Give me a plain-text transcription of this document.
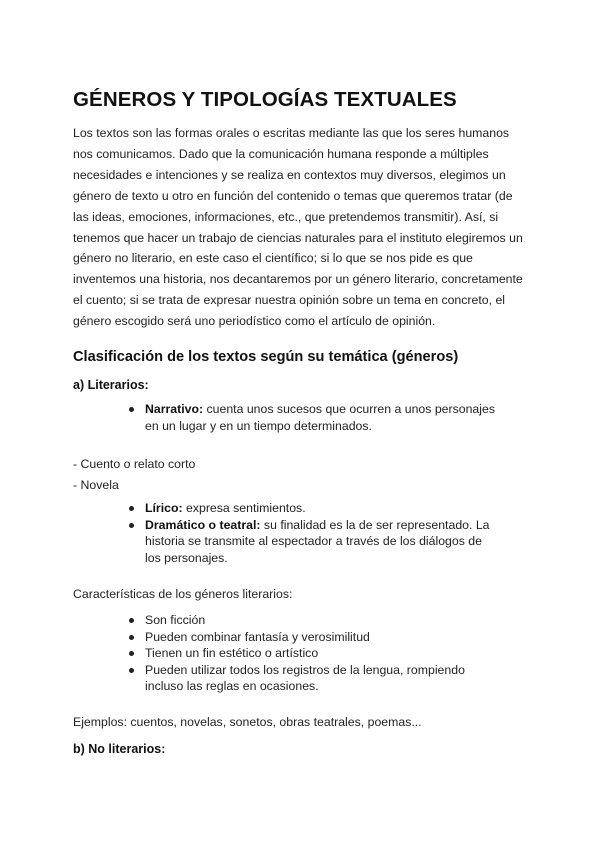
GÉNEROS Y TIPOLOGÍAS TEXTUALES

Los textos son las formas orales o escritas mediante las que los seres humanos nos comunicamos. Dado que la comunicación humana responde a múltiples necesidades e intenciones y se realiza en contextos muy diversos, elegimos un género de texto u otro en función del contenido o temas que queremos tratar (de las ideas, emociones, informaciones, etc., que pretendemos transmitir). Así, si tenemos que hacer un trabajo de ciencias naturales para el instituto elegiremos un género no literario, en este caso el científico; si lo que se nos pide es que inventemos una historia, nos decantaremos por un género literario, concretamente el cuento; si se trata de expresar nuestra opinión sobre un tema en concreto, el género escogido será uno periodístico como el artículo de opinión.

Clasificación de los textos según su temática (géneros)

a) Literarios:

Narrativo: cuenta unos sucesos que ocurren a unos personajes en un lugar y en un tiempo determinados.

- Cuento o relato corto

- Novela

Lírico: expresa sentimientos.
Dramático o teatral: su finalidad es la de ser representado. La historia se transmite al espectador a través de los diálogos de los personajes.

Características de los géneros literarios:

Son ficción
Pueden combinar fantasía y verosimilitud
Tienen un fin estético o artístico
Pueden utilizar todos los registros de la lengua, rompiendo incluso las reglas en ocasiones.

Ejemplos: cuentos, novelas, sonetos, obras teatrales, poemas...

b) No literarios:
